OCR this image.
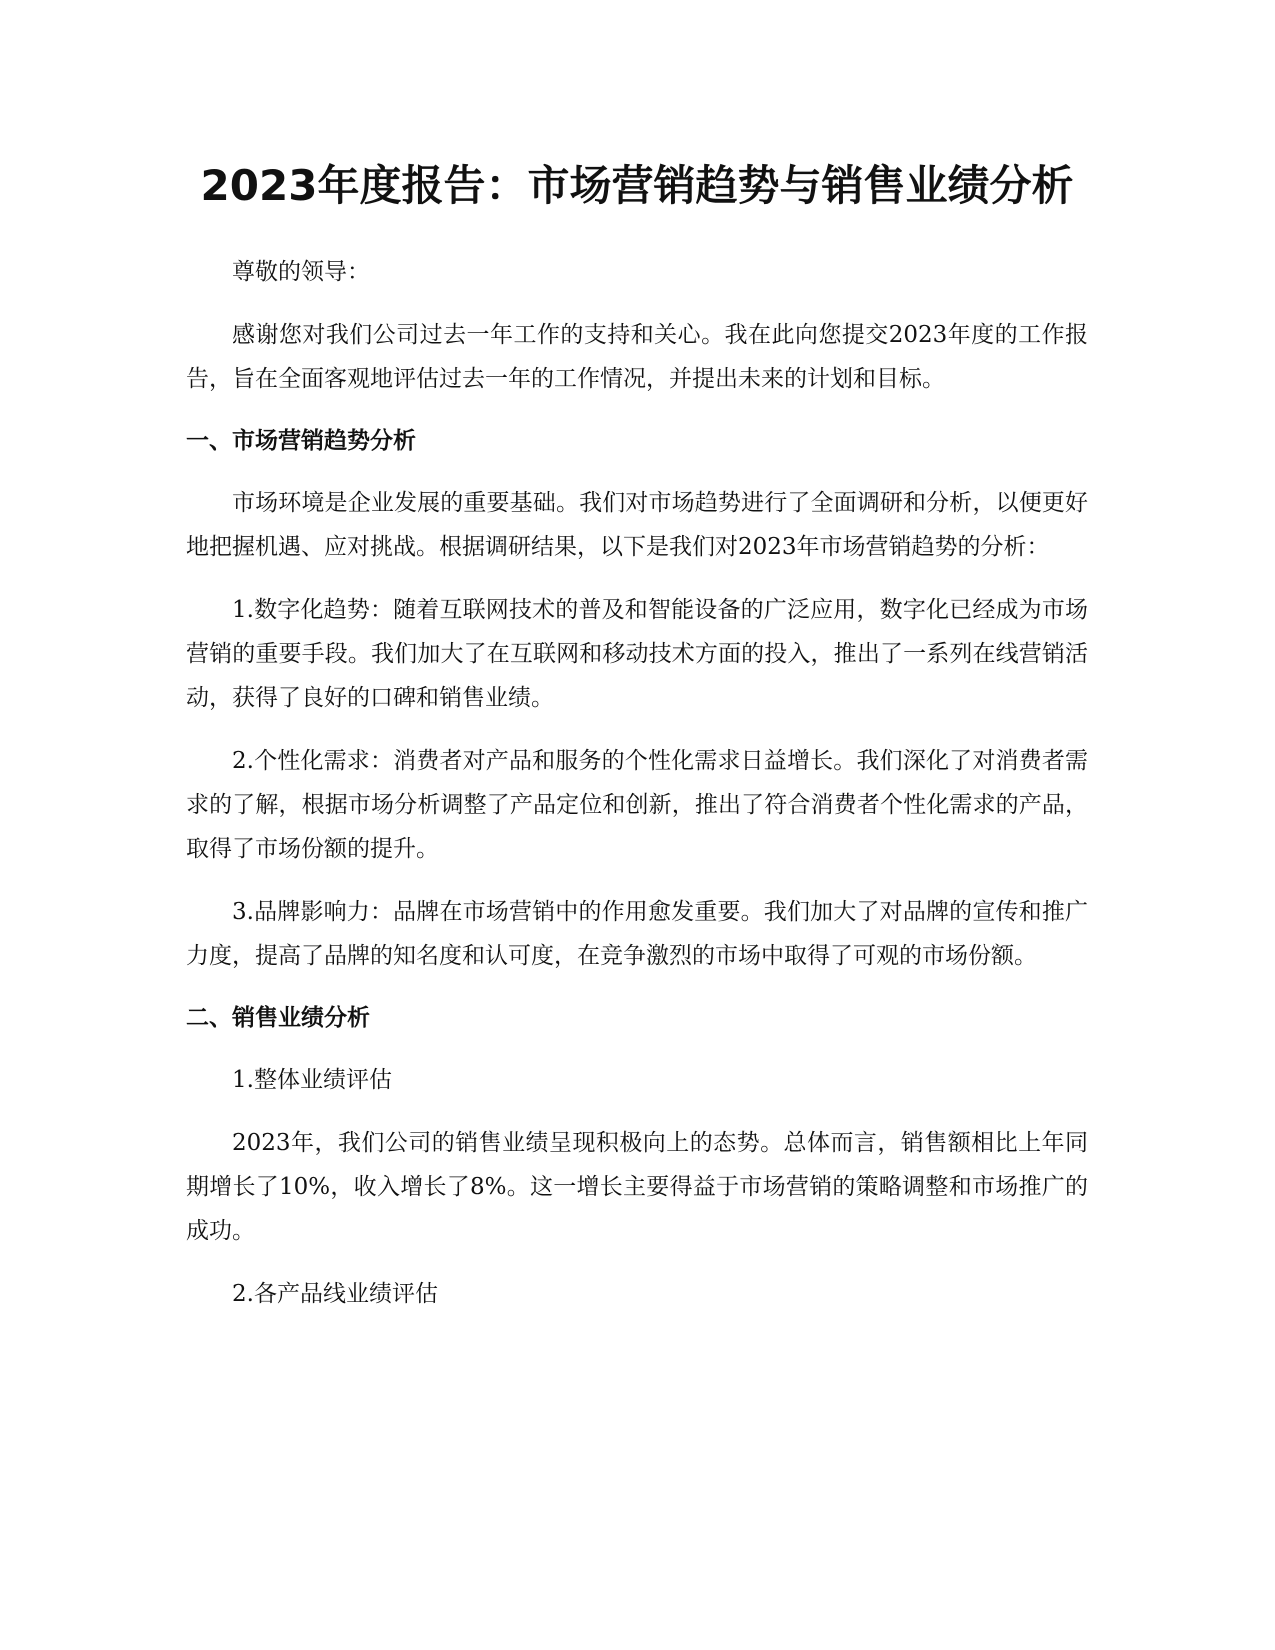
2023年度报告：市场营销趋势与销售业绩分析

尊敬的领导：

感谢您对我们公司过去一年工作的支持和关心。我在此向您提交2023年度的工作报告，旨在全面客观地评估过去一年的工作情况，并提出未来的计划和目标。

一、市场营销趋势分析

市场环境是企业发展的重要基础。我们对市场趋势进行了全面调研和分析，以便更好地把握机遇、应对挑战。根据调研结果，以下是我们对2023年市场营销趋势的分析：

1.数字化趋势：随着互联网技术的普及和智能设备的广泛应用，数字化已经成为市场营销的重要手段。我们加大了在互联网和移动技术方面的投入，推出了一系列在线营销活动，获得了良好的口碑和销售业绩。

2.个性化需求：消费者对产品和服务的个性化需求日益增长。我们深化了对消费者需求的了解，根据市场分析调整了产品定位和创新，推出了符合消费者个性化需求的产品，取得了市场份额的提升。

3.品牌影响力：品牌在市场营销中的作用愈发重要。我们加大了对品牌的宣传和推广力度，提高了品牌的知名度和认可度，在竞争激烈的市场中取得了可观的市场份额。

二、销售业绩分析

1.整体业绩评估

2023年，我们公司的销售业绩呈现积极向上的态势。总体而言，销售额相比上年同期增长了10%，收入增长了8%。这一增长主要得益于市场营销的策略调整和市场推广的成功。

2.各产品线业绩评估
